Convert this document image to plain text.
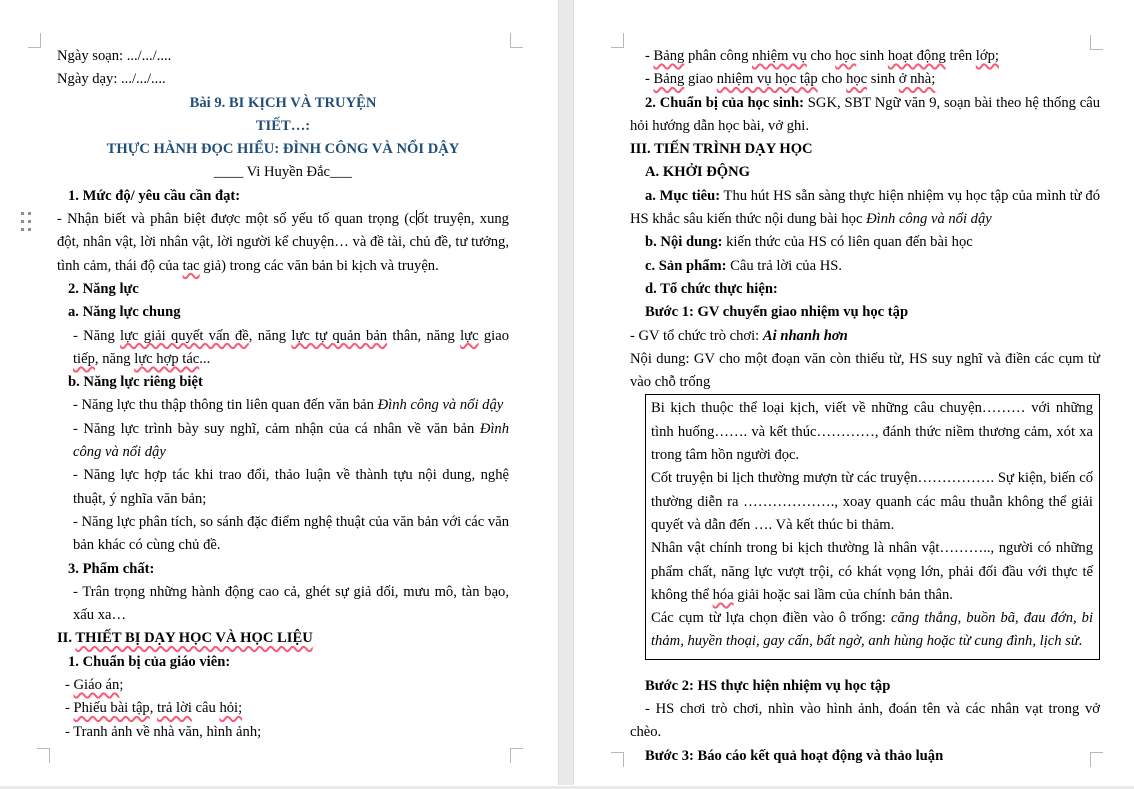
Ngày soạn: .../.../....
Ngày dạy: .../.../....
Bài 9. BI KỊCH VÀ TRUYỆN
TIẾT…:
THỰC HÀNH ĐỌC HIỂU: ĐÌNH CÔNG VÀ NỔI DẬY
____ Vi Huyền Đắc___
1. Mức độ/ yêu cầu cần đạt:
- Nhận biết và phân biệt được một số yếu tố quan trọng (c ốt truyện, xung đột, nhân vật, lời nhân vật, lời người kể chuyện… và đề tài, chủ đề, tư tưởng, tình cảm, thái độ của tac giả) trong các văn bản bi kịch và truyện.
2. Năng lực
a. Năng lực chung
- Năng lực giải quyết vấn đề, năng lực tự quản bản thân, năng lực giao tiếp, năng lực hợp tác...
b. Năng lực riêng biệt
- Năng lực thu thập thông tin liên quan đến văn bản Đình công và nổi dậy
- Năng lực trình bày suy nghĩ, cảm nhận của cá nhân về văn bản Đình công và nổi dậy
- Năng lực hợp tác khi trao đổi, thảo luận về thành tựu nội dung, nghệ thuật, ý nghĩa văn bản;
- Năng lực phân tích, so sánh đặc điểm nghệ thuật của văn bản với các văn bản khác có cùng chủ đề.
3. Phẩm chất:
- Trân trọng những hành động cao cả, ghét sự giả dối, mưu mô, tàn bạo, xấu xa…
II. THIẾT BỊ DẠY HỌC VÀ HỌC LIỆU
1. Chuẩn bị của giáo viên:
- Giáo án;
- Phiếu bài tập, trả lời câu hỏi;
- Tranh ảnh về nhà văn, hình ảnh;
- Bảng phân công nhiệm vụ cho học sinh hoạt động trên lớp;
- Bảng giao nhiệm vụ học tập cho học sinh ở nhà;
2. Chuẩn bị của học sinh: SGK, SBT Ngữ văn 9, soạn bài theo hệ thống câu hỏi hướng dẫn học bài, vở ghi.
III. TIẾN TRÌNH DẠY HỌC
A. KHỞI ĐỘNG
a. Mục tiêu: Thu hút HS sẵn sàng thực hiện nhiệm vụ học tập của mình từ đó HS khắc sâu kiến thức nội dung bài học Đình công và nổi dậy
b. Nội dung: kiến thức của HS có liên quan đến bài học
c. Sản phẩm: Câu trả lời của HS.
d. Tổ chức thực hiện:
Bước 1: GV chuyển giao nhiệm vụ học tập
- GV tổ chức trò chơi: Ai nhanh hơn
Nội dung: GV cho một đoạn văn còn thiếu từ, HS suy nghĩ và điền các cụm từ vào chỗ trống
Bi kịch thuộc thể loại kịch, viết về những câu chuyện……… với những tình huống……. và kết thúc…………, đánh thức niềm thương cảm, xót xa trong tâm hồn người đọc.
Cốt truyện bi lịch thường mượn từ các truyện……………. Sự kiện, biến cố thường diễn ra ………………., xoay quanh các mâu thuẫn không thể giải quyết và dẫn đến …. Và kết thúc bi thảm.
Nhân vật chính trong bi kịch thường là nhân vật……….., người có những phẩm chất, năng lực vượt trội, có khát vọng lớn, phải đối đầu với thực tế không thể hóa giải hoặc sai lầm của chính bản thân.
Các cụm từ lựa chọn điền vào ô trống: căng thẳng, buồn bã, đau đớn, bi thảm, huyền thoại, gay cấn, bất ngờ, anh hùng hoặc từ cung đình, lịch sử.
Bước 2: HS thực hiện nhiệm vụ học tập
- HS chơi trò chơi, nhìn vào hình ảnh, đoán tên và các nhân vạt trong vở chèo.
Bước 3: Báo cáo kết quả hoạt động và thảo luận
